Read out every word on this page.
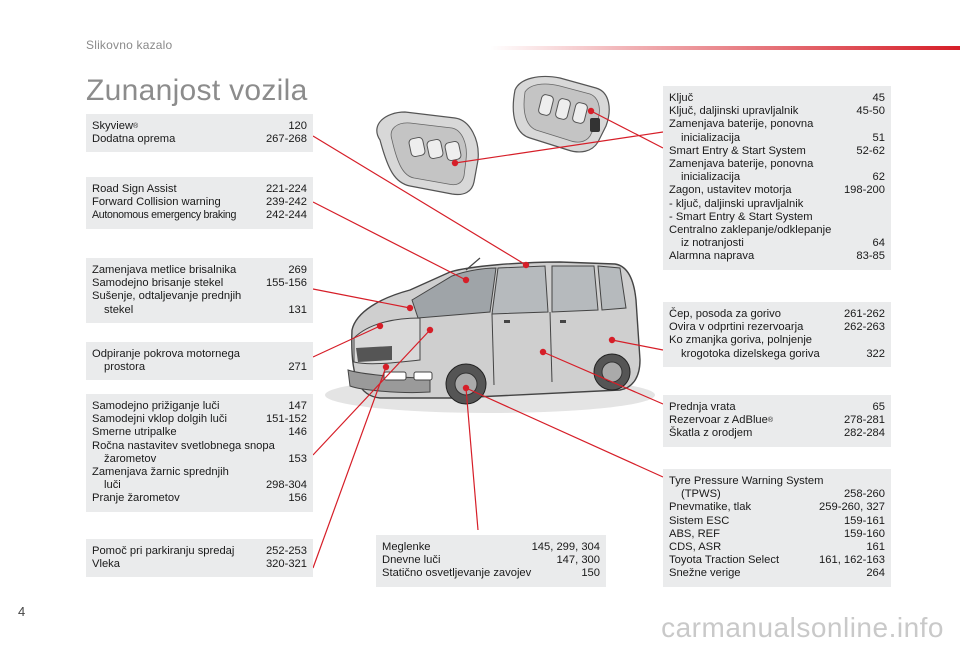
Slikovno kazalo
Zunanjost vozila
Skyview ®	120
Dodatna oprema	267-268
Road Sign Assist	221-224
Forward Collision warning	239-242
Autonomous emergency braking	242-244
Zamenjava metlice brisalnika	269
Samodejno brisanje stekel	155-156
Sušenje, odtaljevanje prednjih
stekel	131
Odpiranje pokrova motornega
prostora	271
Samodejno prižiganje luči	147
Samodejni vklop dolgih luči	151-152
Smerne utripalke	146
Ročna nastavitev svetlobnega snopa
žarometov	153
Zamenjava žarnic sprednjih
luči	298-304
Pranje žarometov	156
Pomoč pri parkiranju spredaj	252-253
Vleka	320-321
Meglenke	145, 299, 304
Dnevne luči	147, 300
Statično osvetljevanje zavojev	150
Ključ	45
Ključ, daljinski upravljalnik	45-50
Zamenjava baterije, ponovna
inicializacija	51
Smart Entry & Start System	52-62
Zamenjava baterije, ponovna
inicializacija	62
Zagon, ustavitev motorja	198-200
- ključ, daljinski upravljalnik
- Smart Entry & Start System
Centralno zaklepanje/odklepanje
iz notranjosti	64
Alarmna naprava	83-85
Čep, posoda za gorivo	261-262
Ovira v odprtini rezervoarja	262-263
Ko zmanjka goriva, polnjenje
krogotoka dizelskega goriva	322
Prednja vrata	65
Rezervoar z AdBlue ®	278-281
Škatla z orodjem	282-284
Tyre Pressure Warning System
(TPWS)	258-260
Pnevmatike, tlak	259-260, 327
Sistem ESC	159-161
ABS, REF	159-160
CDS, ASR	161
Toyota Traction Select	161, 162-163
Snežne verige	264
4
carmanualsonline.info
